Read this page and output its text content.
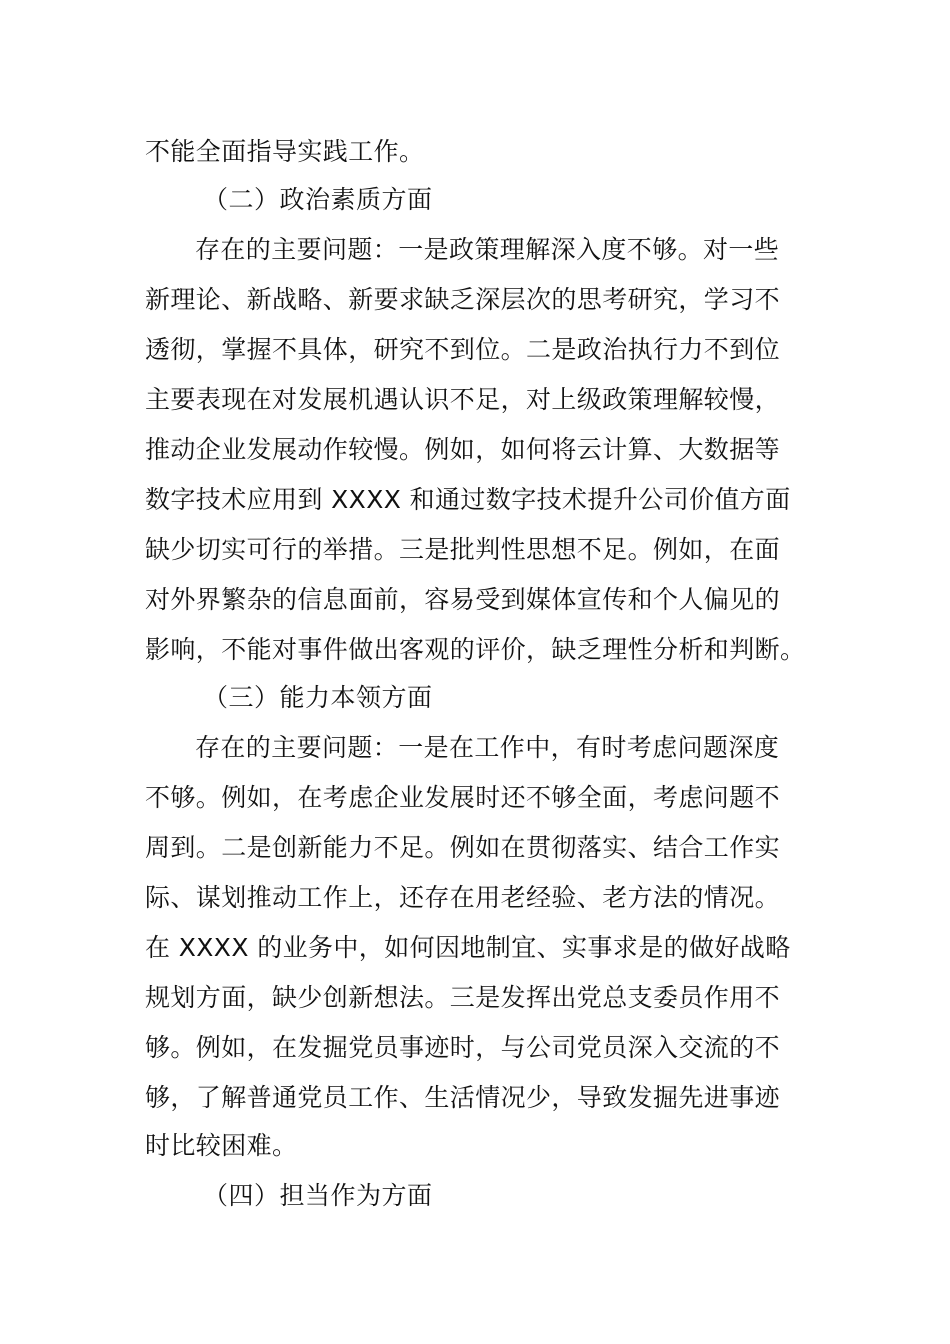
不能全面指导实践工作。
（二）政治素质方面
存在的主要问题：一是政策理解深入度不够。对一些
新理论、新战略、新要求缺乏深层次的思考研究，学习不
透彻，掌握不具体，研究不到位。二是政治执行力不到位
主要表现在对发展机遇认识不足，对上级政策理解较慢，
推动企业发展动作较慢。例如，如何将云计算、大数据等
数字技术应用到 XXXX 和通过数字技术提升公司价值方面
缺少切实可行的举措。三是批判性思想不足。例如，在面
对外界繁杂的信息面前，容易受到媒体宣传和个人偏见的
影响，不能对事件做出客观的评价，缺乏理性分析和判断。
（三）能力本领方面
存在的主要问题：一是在工作中，有时考虑问题深度
不够。例如，在考虑企业发展时还不够全面，考虑问题不
周到。二是创新能力不足。例如在贯彻落实、结合工作实
际、谋划推动工作上，还存在用老经验、老方法的情况。
在 XXXX 的业务中，如何因地制宜、实事求是的做好战略
规划方面，缺少创新想法。三是发挥出党总支委员作用不
够。例如，在发掘党员事迹时，与公司党员深入交流的不
够，了解普通党员工作、生活情况少，导致发掘先进事迹
时比较困难。
（四）担当作为方面
